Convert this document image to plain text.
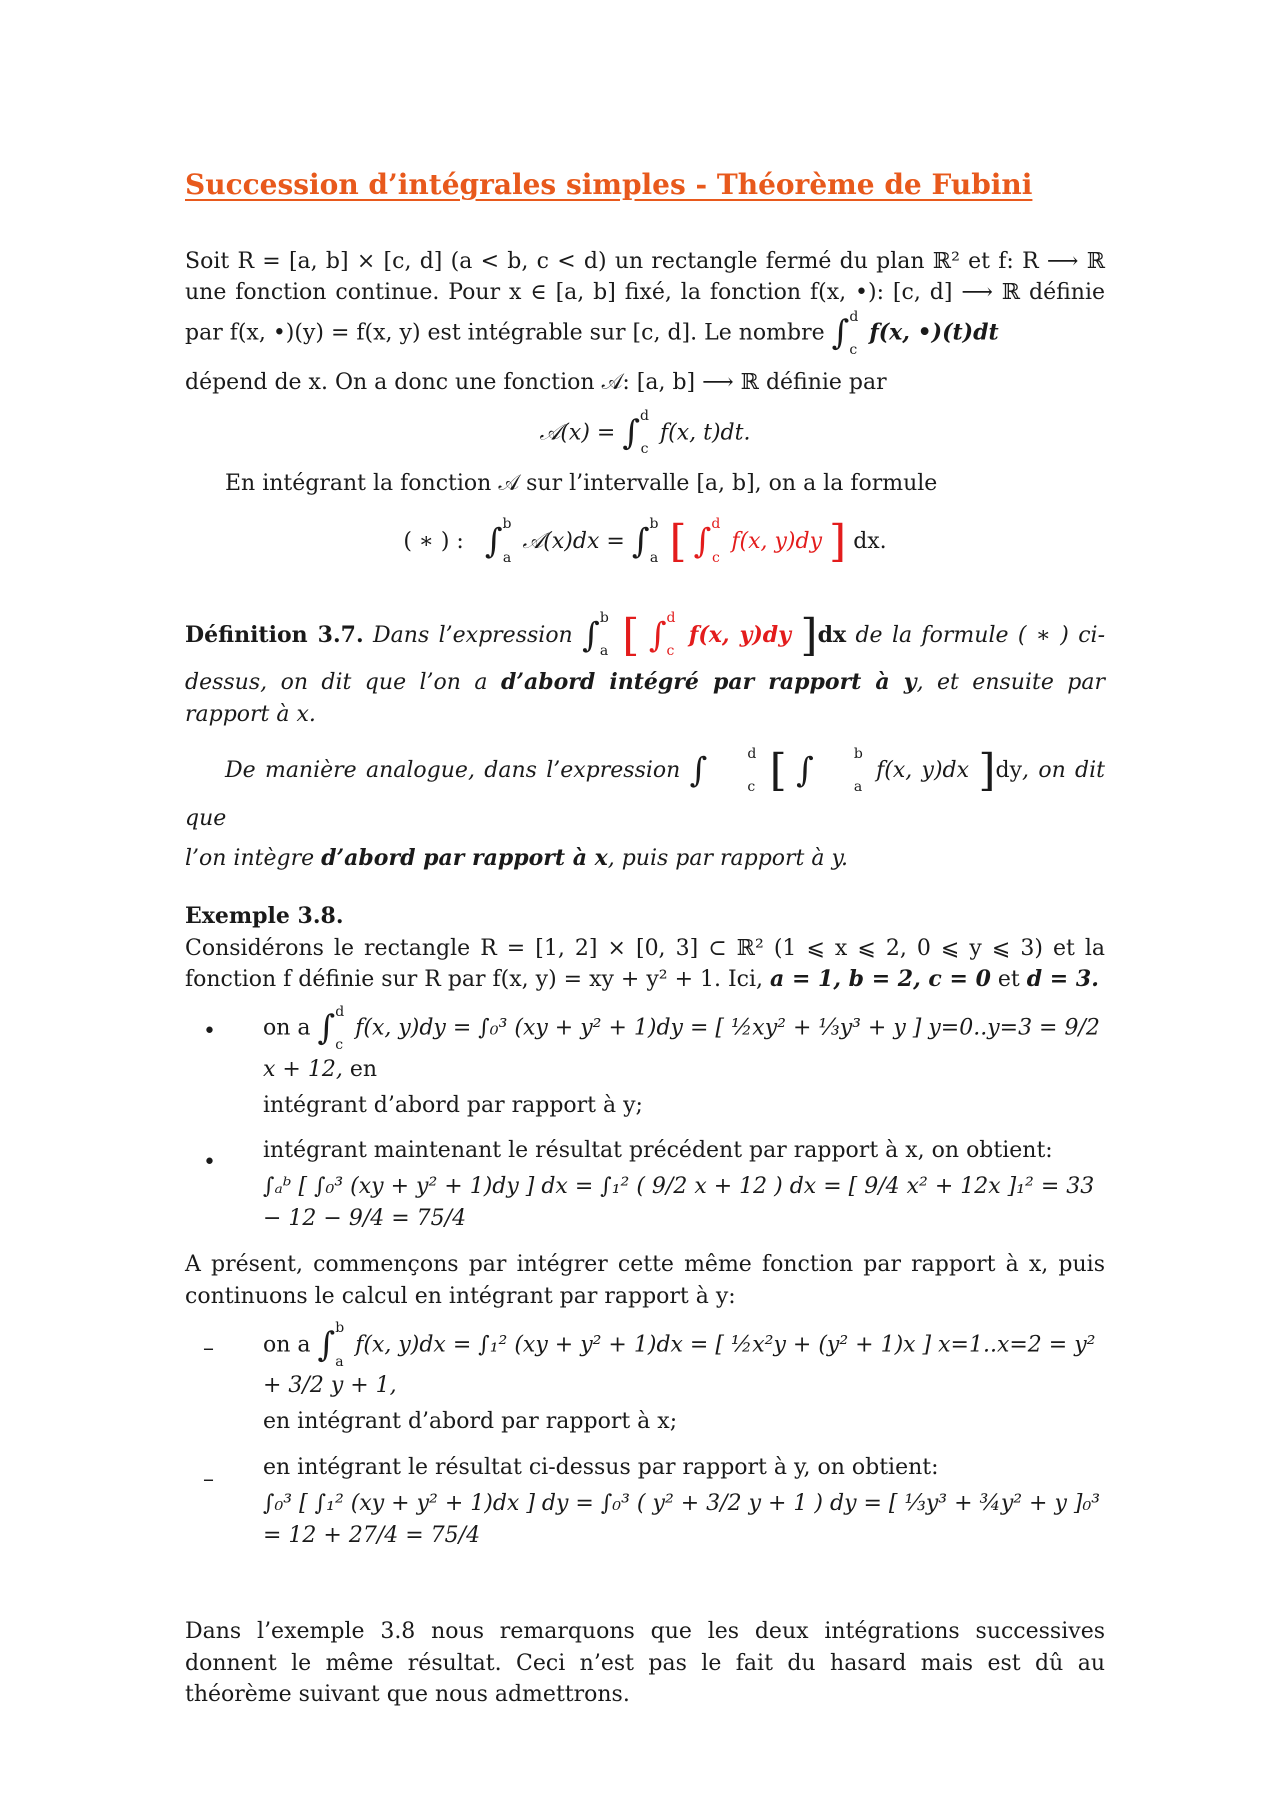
Succession d’intégrales simples - Théorème de Fubini

Soit R = [a, b] × [c, d] (a < b, c < d) un rectangle fermé du plan ℝ² et f: R ⟶ ℝ une fonction continue. Pour x ∈ [a, b] fixé, la fonction f(x, •): [c, d] ⟶ ℝ définie par f(x, •)(y) = f(x, y) est intégrable sur [c, d]. Le nombre ∫ d
c
f(x, •)(t)dt

dépend de x. On a donc une fonction 𝒜: [a, b] ⟶ ℝ définie par

𝒜(x) = ∫ d
c
f(x, t)dt.

En intégrant la fonction 𝒜 sur l’intervalle [a, b], on a la formule

( ∗ ) : ∫ b
a
𝒜(x)dx = ∫ b
a [ ∫ d
c
f(x, y)dy ] dx.

Définition 3.7. Dans l’expression ∫ b
a [ ∫ d
c
f(x, y)dy ]dx de la formule ( ∗ ) ci-dessus, on dit que l’on a d’abord intégré par rapport à y, et ensuite par rapport à x.

De manière analogue, dans l’expression ∫	d
c [ ∫	b
a
f(x, y)dx ]dy, on dit que

l’on intègre d’abord par rapport à x, puis par rapport à y.

Exemple 3.8.

Considérons le rectangle R = [1, 2] × [0, 3] ⊂ ℝ² (1 ⩽ x ⩽ 2, 0 ⩽ y ⩽ 3) et la fonction f définie sur R par f(x, y) = xy + y² + 1. Ici, a = 1, b = 2, c = 0 et d = 3.

• on a ∫ d
c
f(x, y)dy = ∫₀³ (xy + y² + 1)dy = [ ½xy² + ⅓y³ + y ] y=0..y=3 = 9/2 x + 12, en
intégrant d’abord par rapport à y;
• intégrant maintenant le résultat précédent par rapport à x, on obtient:
∫ₐᵇ [ ∫₀³ (xy + y² + 1)dy ] dx = ∫₁² ( 9/2 x + 12 ) dx = [ 9/4 x² + 12x ]₁² = 33 − 12 − 9/4 = 75/4

A présent, commençons par intégrer cette même fonction par rapport à x, puis continuons le calcul en intégrant par rapport à y:

– on a ∫ b
a
f(x, y)dx = ∫₁² (xy + y² + 1)dx = [ ½x²y + (y² + 1)x ] x=1..x=2 = y² + 3/2 y + 1,
en intégrant d’abord par rapport à x;
– en intégrant le résultat ci-dessus par rapport à y, on obtient:
∫₀³ [ ∫₁² (xy + y² + 1)dx ] dy = ∫₀³ ( y² + 3/2 y + 1 ) dy = [ ⅓y³ + ¾y² + y ]₀³ = 12 + 27/4 = 75/4

Dans l’exemple 3.8 nous remarquons que les deux intégrations successives donnent le même résultat. Ceci n’est pas le fait du hasard mais est dû au théorème suivant que nous admettrons.
